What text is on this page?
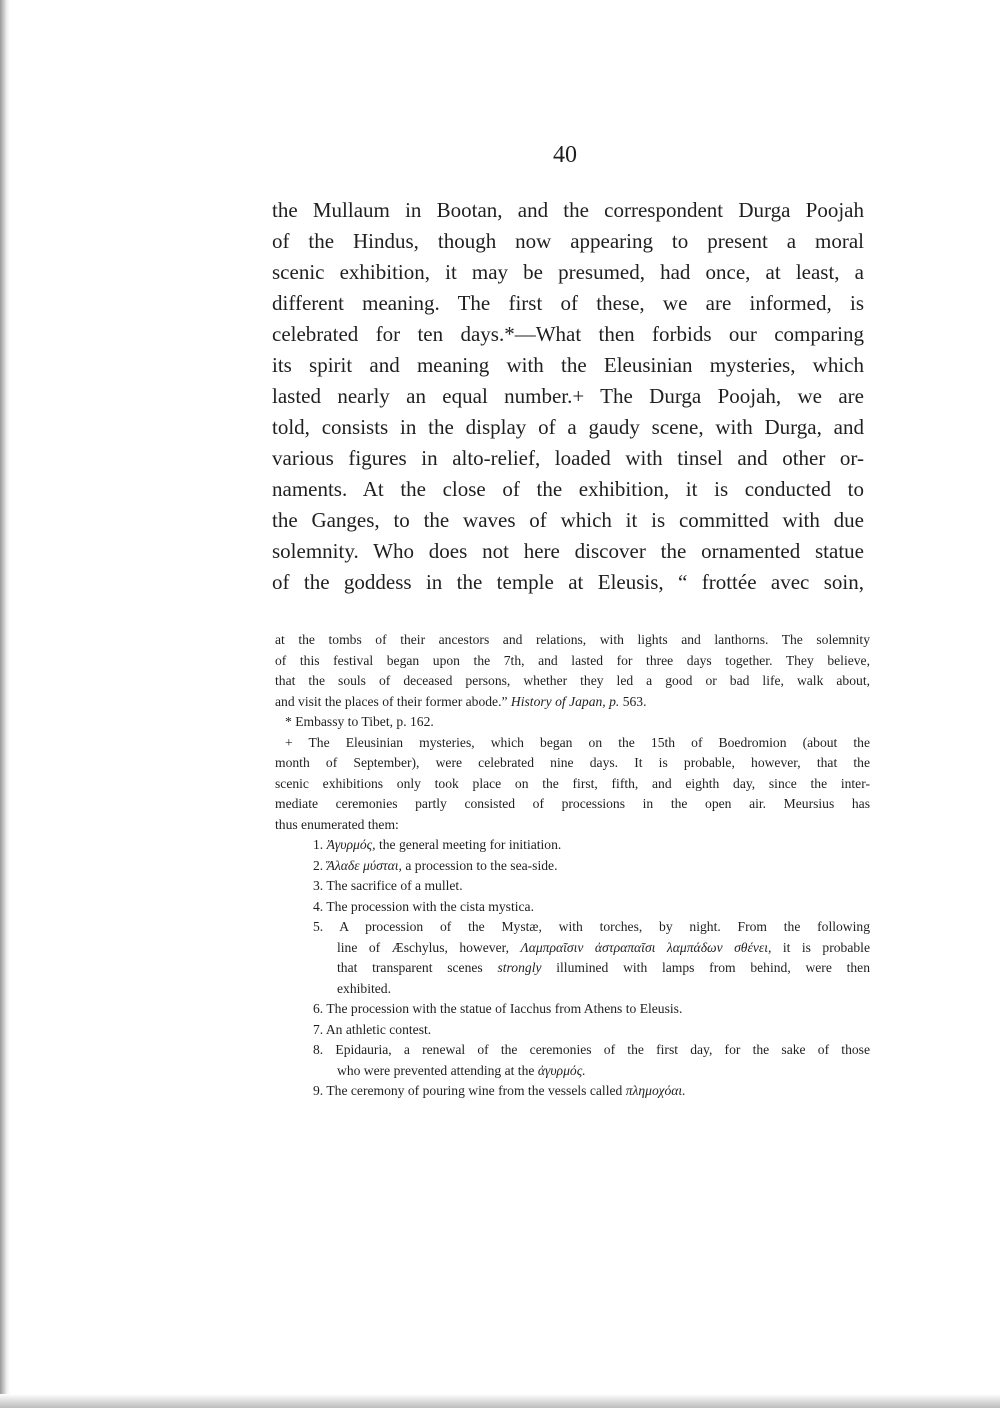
40
the Mullaum in Bootan, and the correspondent Durga Poojah
of the Hindus, though now appearing to present a moral
scenic exhibition, it may be presumed, had once, at least, a
different meaning. The first of these, we are informed, is
celebrated for ten days.*—What then forbids our comparing
its spirit and meaning with the Eleusinian mysteries, which
lasted nearly an equal number.+ The Durga Poojah, we are
told, consists in the display of a gaudy scene, with Durga, and
various figures in alto-relief, loaded with tinsel and other or-
naments. At the close of the exhibition, it is conducted to
the Ganges, to the waves of which it is committed with due
solemnity. Who does not here discover the ornamented statue
of the goddess in the temple at Eleusis, “ frottée avec soin,
at the tombs of their ancestors and relations, with lights and lanthorns. The solemnity
of this festival began upon the 7th, and lasted for three days together. They believe,
that the souls of deceased persons, whether they led a good or bad life, walk about,
and visit the places of their former abode.” History of Japan, p. 563.
* Embassy to Tibet, p. 162.
+ The Eleusinian mysteries, which began on the 15th of Boedromion (about the
month of September), were celebrated nine days. It is probable, however, that the
scenic exhibitions only took place on the first, fifth, and eighth day, since the inter-
mediate ceremonies partly consisted of processions in the open air. Meursius has
thus enumerated them:
1. Ἀγυρμός, the general meeting for initiation.
2. Ἅλαδε μύσται, a procession to the sea-side.
3. The sacrifice of a mullet.
4. The procession with the cista mystica.
5. A procession of the Mystæ, with torches, by night. From the following
line of Æschylus, however, Λαμπραῖσιν ἀστραπαῖσι λαμπάδων σθένει, it is probable
that transparent scenes strongly illumined with lamps from behind, were then
exhibited.
6. The procession with the statue of Iacchus from Athens to Eleusis.
7. An athletic contest.
8. Epidauria, a renewal of the ceremonies of the first day, for the sake of those
who were prevented attending at the ἀγυρμός.
9. The ceremony of pouring wine from the vessels called πλημοχόαι.
